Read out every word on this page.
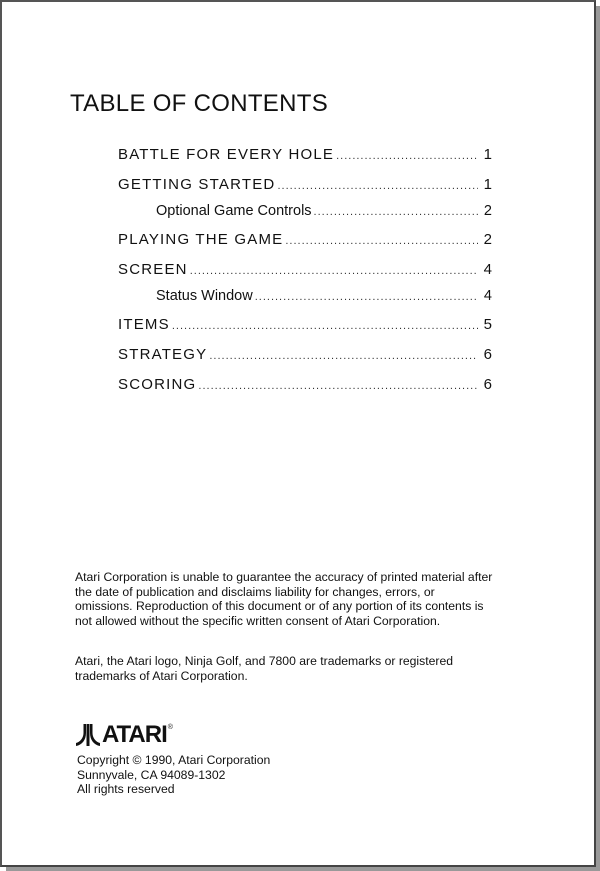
TABLE OF CONTENTS
BATTLE FOR EVERY HOLE .....	1
GETTING STARTED .....	1
Optional Game Controls .....	2
PLAYING THE GAME .....	2
SCREEN .....	4
Status Window .....	4
ITEMS .....	5
STRATEGY .....	6
SCORING .....	6

Atari Corporation is unable to guarantee the accuracy of printed material after the date of publication and disclaims liability for changes, errors, or omissions. Reproduction of this document or of any portion of its contents is not allowed without the specific written consent of Atari Corporation.

Atari, the Atari logo, Ninja Golf, and 7800 are trademarks or registered trademarks of Atari Corporation.

ATARI ®
Copyright © 1990, Atari Corporation
Sunnyvale, CA 94089-1302
All rights reserved
